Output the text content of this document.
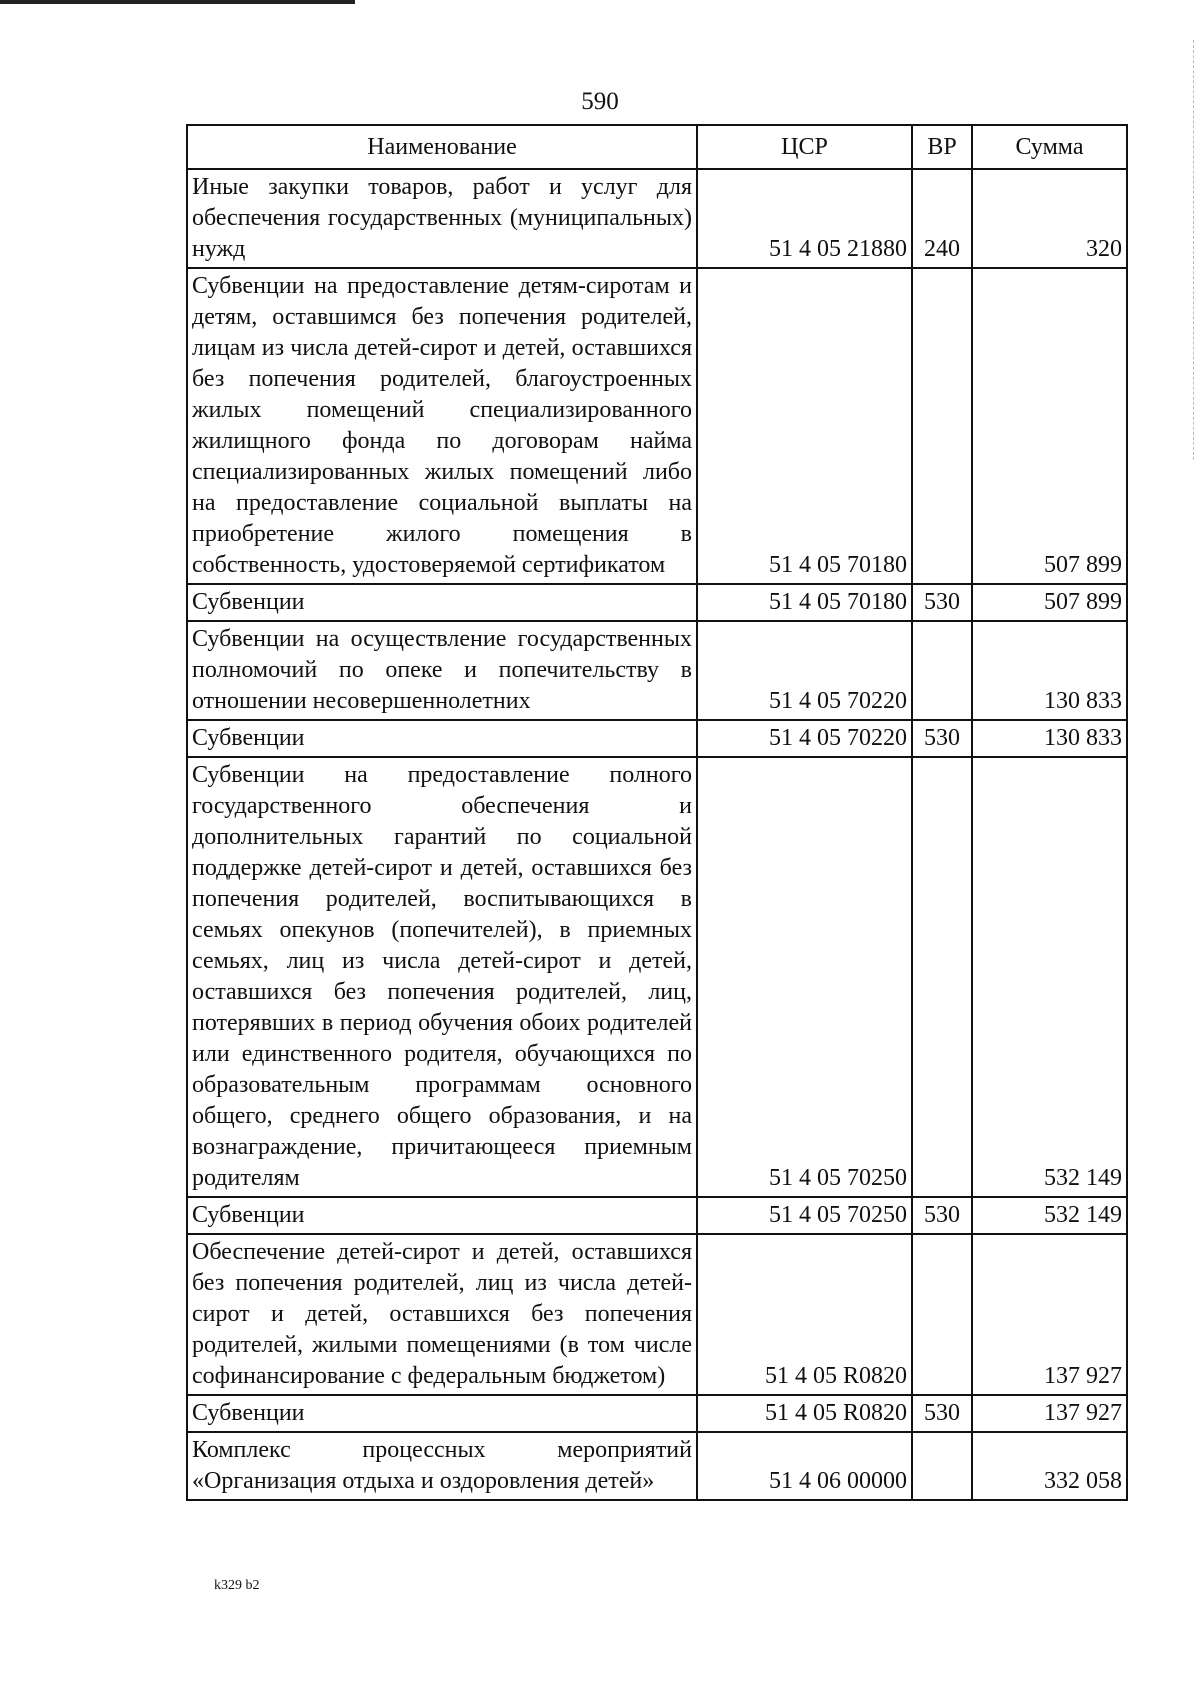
590
Наименование	ЦСР	ВР	Сумма
Иные закупки товаров, работ и услуг для обеспечения государственных (муниципальных) нужд	51 4 05 21880	240	320
Субвенции на предоставление детям-сиротам и детям, оставшимся без попечения родителей, лицам из числа детей-сирот и детей, оставшихся без попечения родителей, благоустроенных жилых помещений специализированного жилищного фонда по договорам найма специализированных жилых помещений либо на предоставление социальной выплаты на приобретение жилого помещения в собственность, удостоверяемой сертификатом	51 4 05 70180		507 899
Субвенции	51 4 05 70180	530	507 899
Субвенции на осуществление государственных полномочий по опеке и попечительству в отношении несовершеннолетних	51 4 05 70220		130 833
Субвенции	51 4 05 70220	530	130 833
Субвенции на предоставление полного государственного обеспечения и дополнительных гарантий по социальной поддержке детей-сирот и детей, оставшихся без попечения родителей, воспитывающихся в семьях опекунов (попечителей), в приемных семьях, лиц из числа детей-сирот и детей, оставшихся без попечения родителей, лиц, потерявших в период обучения обоих родителей или единственного родителя, обучающихся по образовательным программам основного общего, среднего общего образования, и на вознаграждение, причитающееся приемным родителям	51 4 05 70250		532 149
Субвенции	51 4 05 70250	530	532 149
Обеспечение детей-сирот и детей, оставшихся без попечения родителей, лиц из числа детей-сирот и детей, оставшихся без попечения родителей, жилыми помещениями (в том числе софинансирование с федеральным бюджетом)	51 4 05 R0820		137 927
Субвенции	51 4 05 R0820	530	137 927
Комплекс процессных мероприятий «Организация отдыха и оздоровления детей»	51 4 06 00000		332 058
k329 b2
